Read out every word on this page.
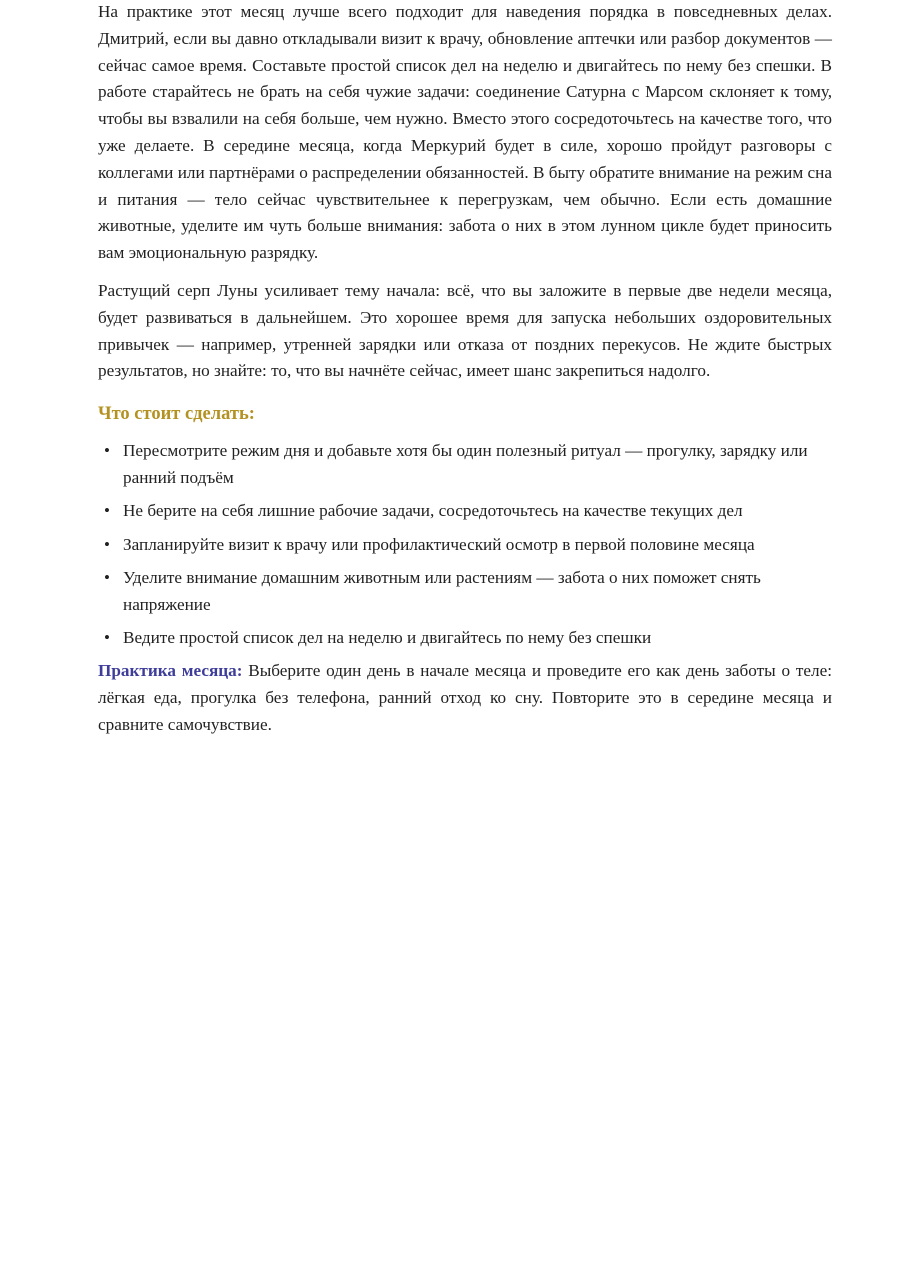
На практике этот месяц лучше всего подходит для наведения порядка в повседневных делах. Дмитрий, если вы давно откладывали визит к врачу, обновление аптечки или разбор документов — сейчас самое время. Составьте простой список дел на неделю и двигайтесь по нему без спешки. В работе старайтесь не брать на себя чужие задачи: соединение Сатурна с Марсом склоняет к тому, чтобы вы взвалили на себя больше, чем нужно. Вместо этого сосредоточьтесь на качестве того, что уже делаете. В середине месяца, когда Меркурий будет в силе, хорошо пройдут разговоры с коллегами или партнёрами о распределении обязанностей. В быту обратите внимание на режим сна и питания — тело сейчас чувствительнее к перегрузкам, чем обычно. Если есть домашние животные, уделите им чуть больше внимания: забота о них в этом лунном цикле будет приносить вам эмоциональную разрядку.

Растущий серп Луны усиливает тему начала: всё, что вы заложите в первые две недели месяца, будет развиваться в дальнейшем. Это хорошее время для запуска небольших оздоровительных привычек — например, утренней зарядки или отказа от поздних перекусов. Не ждите быстрых результатов, но знайте: то, что вы начнёте сейчас, имеет шанс закрепиться надолго.

Что стоит сделать:
• Пересмотрите режим дня и добавьте хотя бы один полезный ритуал — прогулку, зарядку или ранний подъём
• Не берите на себя лишние рабочие задачи, сосредоточьтесь на качестве текущих дел
• Запланируйте визит к врачу или профилактический осмотр в первой половине месяца
• Уделите внимание домашним животным или растениям — забота о них поможет снять напряжение
• Ведите простой список дел на неделю и двигайтесь по нему без спешки

Практика месяца: Выберите один день в начале месяца и проведите его как день заботы о теле: лёгкая еда, прогулка без телефона, ранний отход ко сну. Повторите это в середине месяца и сравните самочувствие.
